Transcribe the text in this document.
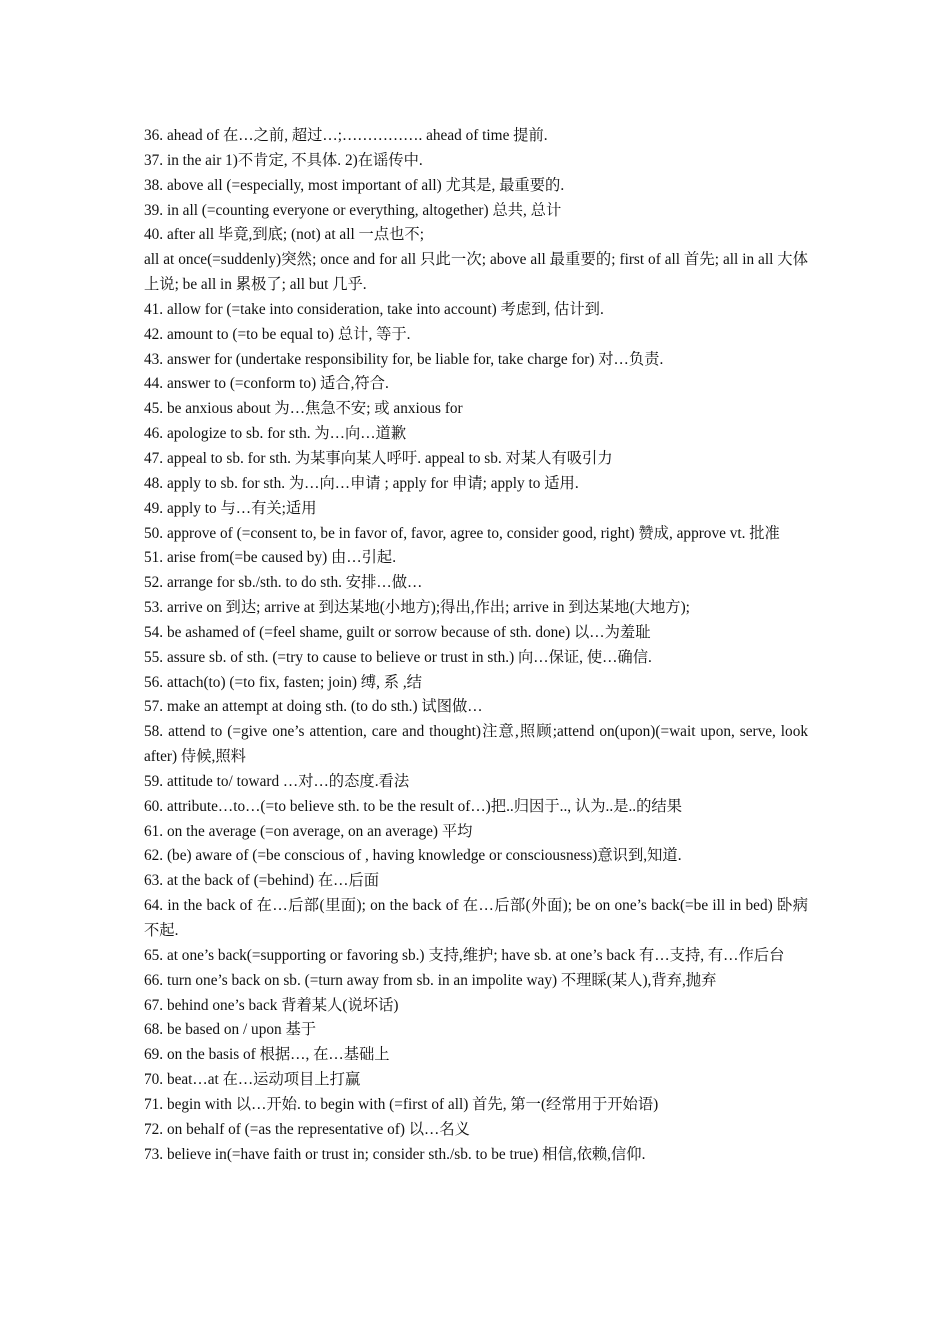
36. ahead of 在…之前, 超过…;……………. ahead of time 提前.

37. in the air 1)不肯定, 不具体. 2)在谣传中.

38. above all (=especially, most important of all) 尤其是, 最重要的.

39. in all (=counting everyone or everything, altogether) 总共, 总计

40. after all 毕竟,到底; (not) at all 一点也不;

all at once(=suddenly)突然; once and for all 只此一次; above all 最重要的; first of all 首先; all in all 大体上说; be all in 累极了; all but 几乎.

41. allow for (=take into consideration, take into account) 考虑到, 估计到.

42. amount to (=to be equal to) 总计, 等于.

43. answer for (undertake responsibility for, be liable for, take charge for) 对…负责.

44. answer to (=conform to) 适合,符合.

45. be anxious about 为…焦急不安; 或 anxious for

46. apologize to sb. for sth. 为…向…道歉

47. appeal to sb. for sth. 为某事向某人呼吁. appeal to sb. 对某人有吸引力

48. apply to sb. for sth. 为…向…申请 ; apply for 申请; apply to 适用.

49. apply to 与…有关;适用

50. approve of (=consent to, be in favor of, favor, agree to, consider good, right) 赞成, approve vt. 批准

51. arise from(=be caused by) 由…引起.

52. arrange for sb./sth. to do sth. 安排…做…

53. arrive on 到达; arrive at 到达某地(小地方);得出,作出; arrive in 到达某地(大地方);

54. be ashamed of (=feel shame, guilt or sorrow because of sth. done) 以…为羞耻

55. assure sb. of sth. (=try to cause to believe or trust in sth.) 向…保证, 使…确信.

56. attach(to) (=to fix, fasten; join) 缚, 系 ,结

57. make an attempt at doing sth. (to do sth.) 试图做…

58. attend to (=give one’s attention, care and thought)注意,照顾;attend on(upon)(=wait upon, serve, look after) 侍候,照料

59. attitude to/ toward …对…的态度.看法

60. attribute…to…(=to believe sth. to be the result of…)把..归因于.., 认为..是..的结果

61. on the average (=on average, on an average) 平均

62. (be) aware of (=be conscious of , having knowledge or consciousness)意识到,知道.

63. at the back of (=behind) 在…后面

64. in the back of 在…后部(里面); on the back of 在…后部(外面); be on one’s back(=be ill in bed) 卧病不起.

65. at one’s back(=supporting or favoring sb.) 支持,维护; have sb. at one’s back 有…支持, 有…作后台

66. turn one’s back on sb. (=turn away from sb. in an impolite way) 不理睬(某人),背弃,抛弃

67. behind one’s back 背着某人(说坏话)

68. be based on / upon 基于

69. on the basis of 根据…, 在…基础上

70. beat…at 在…运动项目上打赢

71. begin with 以…开始. to begin with (=first of all) 首先, 第一(经常用于开始语)

72. on behalf of (=as the representative of) 以…名义

73. believe in(=have faith or trust in; consider sth./sb. to be true) 相信,依赖,信仰.
